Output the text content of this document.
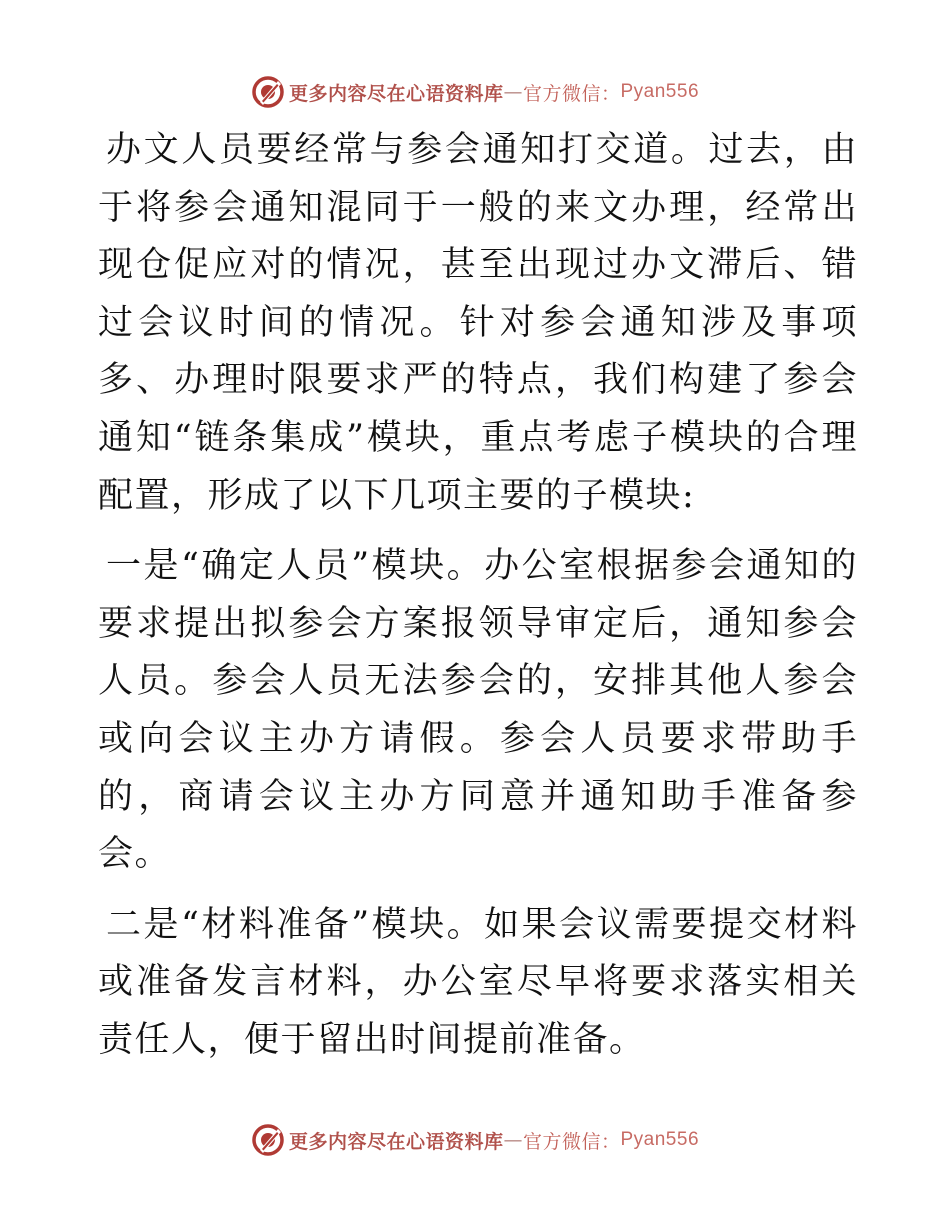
更多内容尽在心语资料库 — 官方微信： Pyan556

办文人员要经常与参会通知打交道。过去，由于将参会通知混同于一般的来文办理，经常出现仓促应对的情况，甚至出现过办文滞后、错过会议时间的情况。针对参会通知涉及事项多、办理时限要求严的特点，我们构建了参会通知“链条集成”模块，重点考虑子模块的合理配置，形成了以下几项主要的子模块:

一是“确定人员”模块。办公室根据参会通知的要求提出拟参会方案报领导审定后，通知参会人员。参会人员无法参会的，安排其他人参会或向会议主办方请假。参会人员要求带助手的，商请会议主办方同意并通知助手准备参会。

二是“材料准备”模块。如果会议需要提交材料或准备发言材料，办公室尽早将要求落实相关责任人，便于留出时间提前准备。

更多内容尽在心语资料库 — 官方微信： Pyan556
